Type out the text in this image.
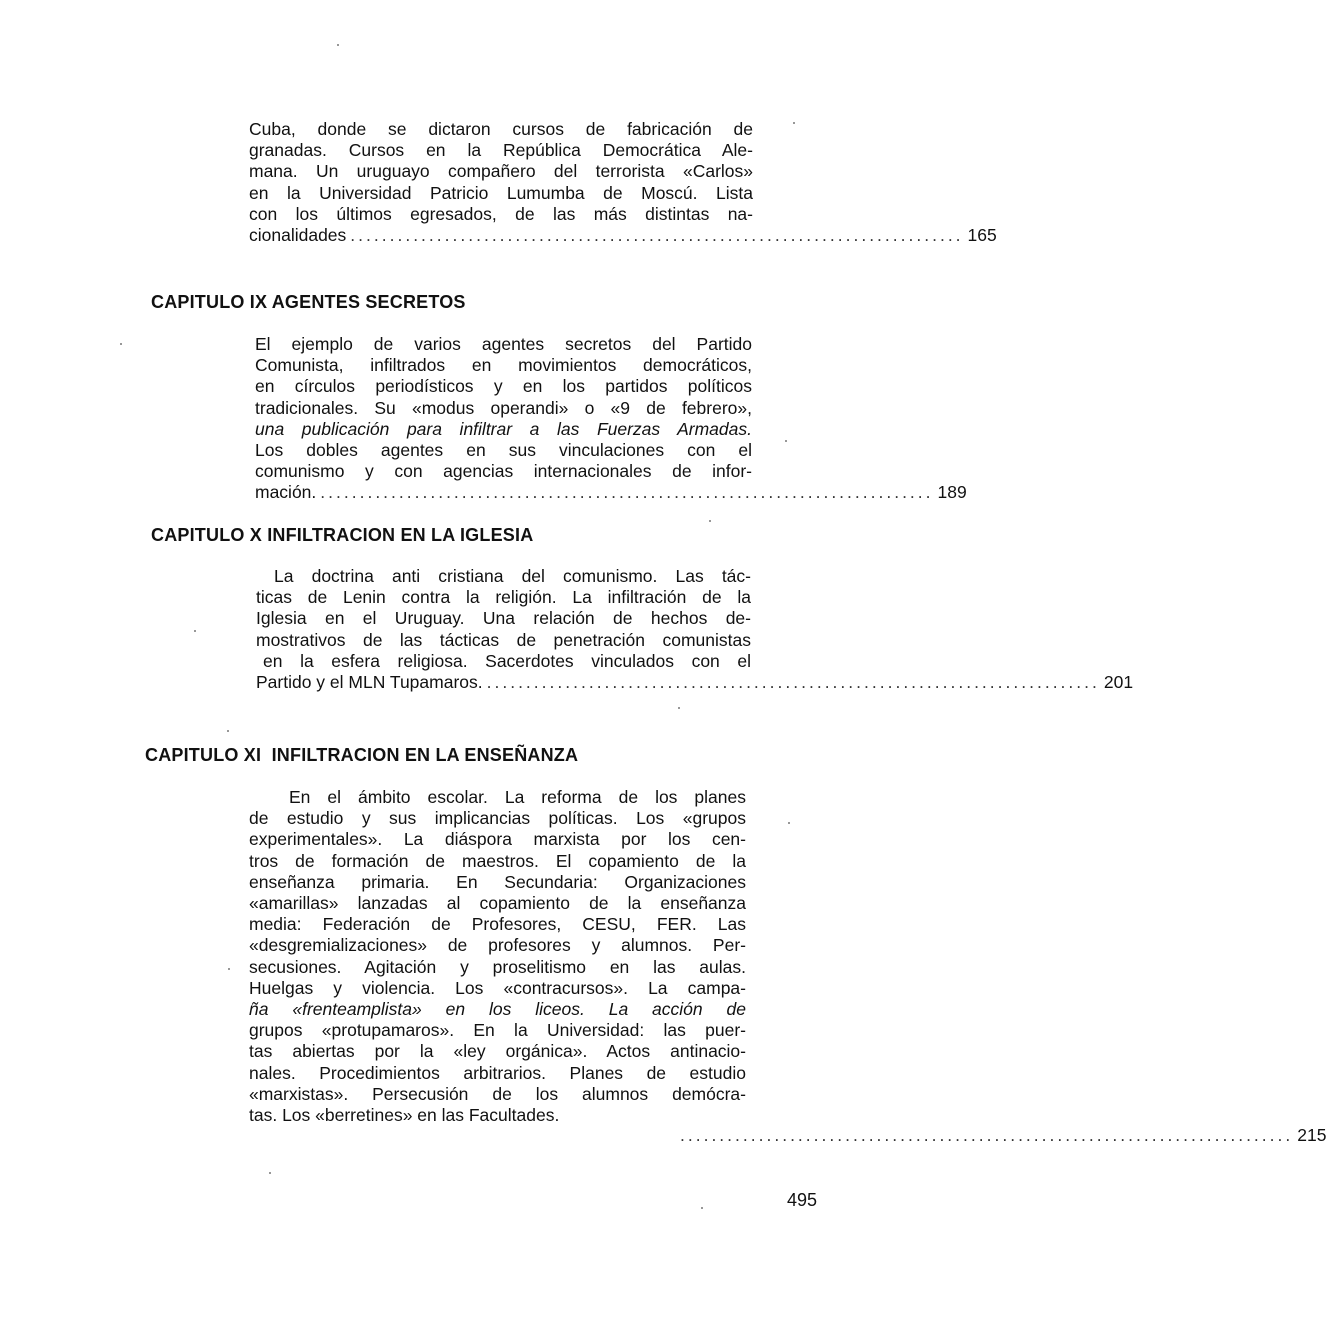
Cuba, donde se dictaron cursos de fabricación de
granadas. Cursos en la República Democrática Ale-
mana. Un uruguayo compañero del terrorista «Carlos»
en la Universidad Patricio Lumumba de Moscú. Lista
con los últimos egresados, de las más distintas na-
cionalidades .............................................................................. 165
CAPITULO IX AGENTES SECRETOS
El ejemplo de varios agentes secretos del Partido
Comunista, infiltrados en movimientos democráticos,
en círculos periodísticos y en los partidos políticos
tradicionales. Su «modus operandi» o «9 de febrero»,
una publicación para infiltrar a las Fuerzas Armadas.
Los dobles agentes en sus vinculaciones con el
comunismo y con agencias internacionales de infor-
mación. .............................................................................. 189
CAPITULO X INFILTRACION EN LA IGLESIA
La doctrina anti cristiana del comunismo. Las tác-
ticas de Lenin contra la religión. La infiltración de la
Iglesia en el Uruguay. Una relación de hechos de-
mostrativos de las tácticas de penetración comunistas
en la esfera religiosa. Sacerdotes vinculados con el
Partido y el MLN Tupamaros. .............................................................................. 201
CAPITULO XI  INFILTRACION EN LA ENSEÑANZA
En el ámbito escolar. La reforma de los planes
de estudio y sus implicancias políticas. Los «grupos
experimentales». La diáspora marxista por los cen-
tros de formación de maestros. El copamiento de la
enseñanza primaria. En Secundaria: Organizaciones
«amarillas» lanzadas al copamiento de la enseñanza
media: Federación de Profesores, CESU, FER. Las
«desgremializaciones» de profesores y alumnos. Per-
secusiones. Agitación y proselitismo en las aulas.
Huelgas y violencia. Los «contracursos». La campa-
ña «frenteamplista» en los liceos. La acción de
grupos «protupamaros». En la Universidad: las puer-
tas abiertas por la «ley orgánica». Actos antinacio-
nales. Procedimientos arbitrarios. Planes de estudio
«marxistas». Persecusión de los alumnos demócra-
tas. Los «berretines» en las Facultades.
.............................................................................. 215
495
